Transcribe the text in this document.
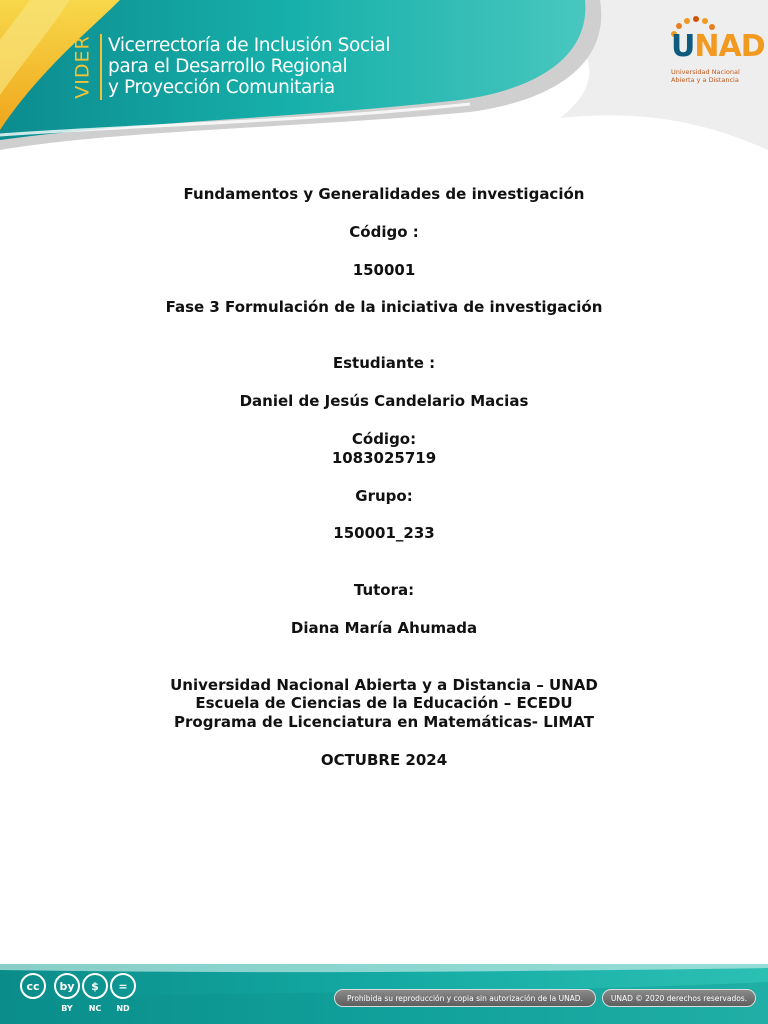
VIDER Vicerrectoría de Inclusión Social
para el Desarrollo Regional
y Proyección Comunitaria
UNAD
Universidad Nacional
Abierta y a Distancia
Fundamentos y Generalidades de investigación
Código :
150001
Fase 3 Formulación de la iniciativa de investigación
Estudiante :
Daniel de Jesús Candelario Macias
Código:
1083025719
Grupo:
150001_233
Tutora:
Diana María Ahumada
Universidad Nacional Abierta y a Distancia – UNAD
Escuela de Ciencias de la Educación – ECEDU
Programa de Licenciatura en Matemáticas- LIMAT
OCTUBRE 2024
cc by $ =
BY	NC	ND
Prohibida su reproducción y copia sin autorización de la UNAD.	UNAD © 2020 derechos reservados.
